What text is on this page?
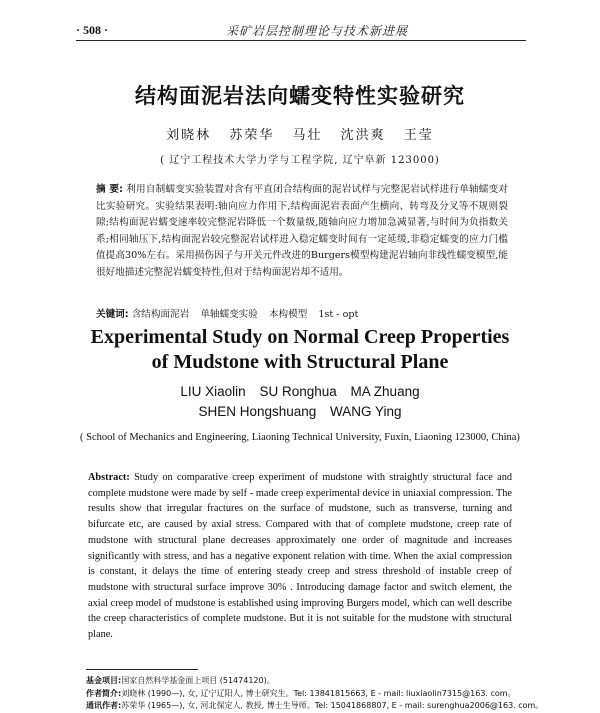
· 508 ·	采矿岩层控制理论与技术新进展
结构面泥岩法向蠕变特性实验研究
刘晓林 苏荣华 马壮 沈洪爽 王莹
( 辽宁工程技术大学力学与工程学院, 辽宁阜新 123000)
摘 要: 利用自制蠕变实验装置对含有平直闭合结构面的泥岩试样与完整泥岩试样进行单轴蠕变对比实验研究。实验结果表明:轴向应力作用下,结构面泥岩表面产生横向、转弯及分叉等不规则裂隙;结构面泥岩蠕变速率较完整泥岩降低一个数量级,随轴向应力增加急减显著,与时间为负指数关系;相同轴压下,结构面泥岩较完整泥岩试样进入稳定蠕变时间有一定延缓,非稳定蠕变的应力门槛值提高30%左右。采用损伤因子与开关元件改进的Burgers模型构建泥岩轴向非线性蠕变模型,能很好地描述完整泥岩蠕变特性,但对于结构面泥岩却不适用。
关键词: 含结构面泥岩 单轴蠕变实验 本构模型 1st - opt
Experimental Study on Normal Creep Properties
of Mudstone with Structural Plane
LIU Xiaolin SU Ronghua MA Zhuang
SHEN Hongshuang WANG Ying
( School of Mechanics and Engineering, Liaoning Technical University, Fuxin, Liaoning 123000, China)
Abstract: Study on comparative creep experiment of mudstone with straightly structural face and complete mudstone were made by self - made creep experimental device in uniaxial compression. The results show that irregular fractures on the surface of mudstone, such as transverse, turning and bifurcate etc, are caused by axial stress. Compared with that of complete mudstone, creep rate of mudstone with structural plane decreases approximately one order of magnitude and increases significantly with stress, and has a negative exponent relation with time. When the axial compression is constant, it delays the time of entering steady creep and stress threshold of instable creep of mudstone with structural surface improve 30% . Introducing damage factor and switch element, the axial creep model of mudstone is established using improving Burgers model, which can well describe the creep characteristics of complete mudstone. But it is not suitable for the mudstone with structural plane.
基金项目:国家自然科学基金面上项目 (51474120)。
作者简介:刘晓林 (1990—), 女, 辽宁辽阳人, 博士研究生。Tel: 13841815663, E - mail: liuxiaolin7315@163. com。
通讯作者:苏荣华 (1965—), 女, 河北保定人, 教授, 博士生导师。Tel: 15041868807, E - mail: surenghua2006@163. com。
